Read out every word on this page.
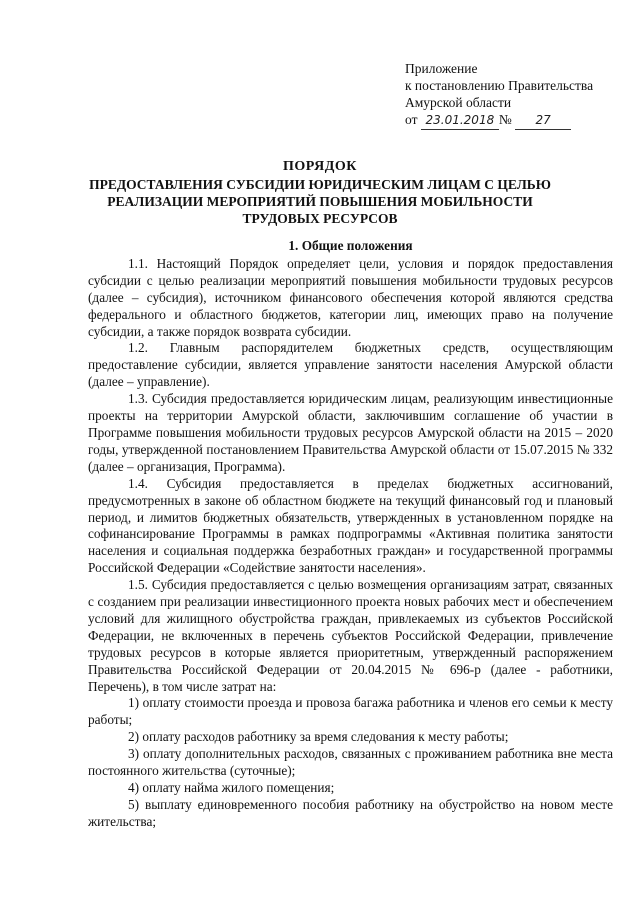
Приложение
к постановлению Правительства
Амурской области
от 23.01.2018 № 27
ПОРЯДОК
ПРЕДОСТАВЛЕНИЯ СУБСИДИИ ЮРИДИЧЕСКИМ ЛИЦАМ С ЦЕЛЬЮ
РЕАЛИЗАЦИИ МЕРОПРИЯТИЙ ПОВЫШЕНИЯ МОБИЛЬНОСТИ
ТРУДОВЫХ РЕСУРСОВ
1. Общие положения

1.1. Настоящий Порядок определяет цели, условия и порядок предоставления субсидии с целью реализации мероприятий повышения мобильности трудовых ресурсов (далее – субсидия), источником финансового обеспечения которой являются средства федерального и областного бюджетов, категории лиц, имеющих право на получение субсидии, а также порядок возврата субсидии.

1.2. Главным распорядителем бюджетных средств, осуществляющим предоставление субсидии, является управление занятости населения Амурской области (далее – управление).

1.3. Субсидия предоставляется юридическим лицам, реализующим инвестиционные проекты на территории Амурской области, заключившим соглашение об участии в Программе повышения мобильности трудовых ресурсов Амурской области на 2015 – 2020 годы, утвержденной постановлением Правительства Амурской области от 15.07.2015 № 332 (далее – организация, Программа).

1.4. Субсидия предоставляется в пределах бюджетных ассигнований, предусмотренных в законе об областном бюджете на текущий финансовый год и плановый период, и лимитов бюджетных обязательств, утвержденных в установленном порядке на софинансирование Программы в рамках подпрограммы «Активная политика занятости населения и социальная поддержка безработных граждан» и государственной программы Российской Федерации «Содействие занятости населения».

1.5. Субсидия предоставляется с целью возмещения организациям затрат, связанных с созданием при реализации инвестиционного проекта новых рабочих мест и обеспечением условий для жилищного обустройства граждан, привлекаемых из субъектов Российской Федерации, не включенных в перечень субъектов Российской Федерации, привлечение трудовых ресурсов в которые является приоритетным, утвержденный распоряжением Правительства Российской Федерации от 20.04.2015 № 696-р (далее - работники, Перечень), в том числе затрат на:

1) оплату стоимости проезда и провоза багажа работника и членов его семьи к месту работы;

2) оплату расходов работнику за время следования к месту работы;

3) оплату дополнительных расходов, связанных с проживанием работника вне места постоянного жительства (суточные);

4) оплату найма жилого помещения;

5) выплату единовременного пособия работнику на обустройство на новом месте жительства;
